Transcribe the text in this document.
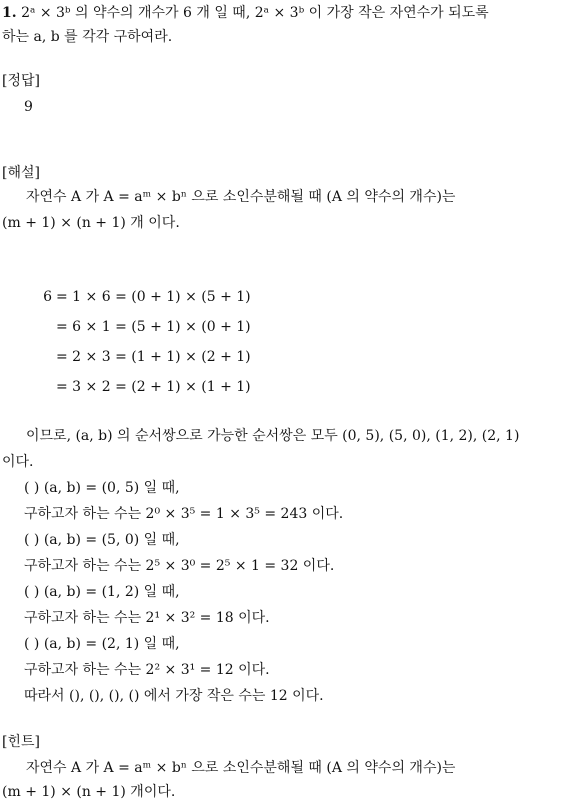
1. 2ᵃ × 3ᵇ 의 약수의 개수가 6 개 일 때, 2ᵃ × 3ᵇ 이 가장 작은 자연수가 되도록
하는 a, b 를 각각 구하여라.
[정답]
9
[해설]
자연수 A 가 A = aᵐ × bⁿ 으로 소인수분해될 때 (A 의 약수의 개수)는
(m + 1) × (n + 1) 개 이다.
6 = 1 × 6 = (0 + 1) × (5 + 1)
= 6 × 1 = (5 + 1) × (0 + 1)
= 2 × 3 = (1 + 1) × (2 + 1)
= 3 × 2 = (2 + 1) × (1 + 1)
이므로, (a, b) 의 순서쌍으로 가능한 순서쌍은 모두 (0, 5), (5, 0), (1, 2), (2, 1)
이다.
( ) (a, b) = (0, 5) 일 때,
구하고자 하는 수는 2⁰ × 3⁵ = 1 × 3⁵ = 243 이다.
( ) (a, b) = (5, 0) 일 때,
구하고자 하는 수는 2⁵ × 3⁰ = 2⁵ × 1 = 32 이다.
( ) (a, b) = (1, 2) 일 때,
구하고자 하는 수는 2¹ × 3² = 18 이다.
( ) (a, b) = (2, 1) 일 때,
구하고자 하는 수는 2² × 3¹ = 12 이다.
따라서 (), (), (), () 에서 가장 작은 수는 12 이다.
[힌트]
자연수 A 가 A = aᵐ × bⁿ 으로 소인수분해될 때 (A 의 약수의 개수)는
(m + 1) × (n + 1) 개이다.
